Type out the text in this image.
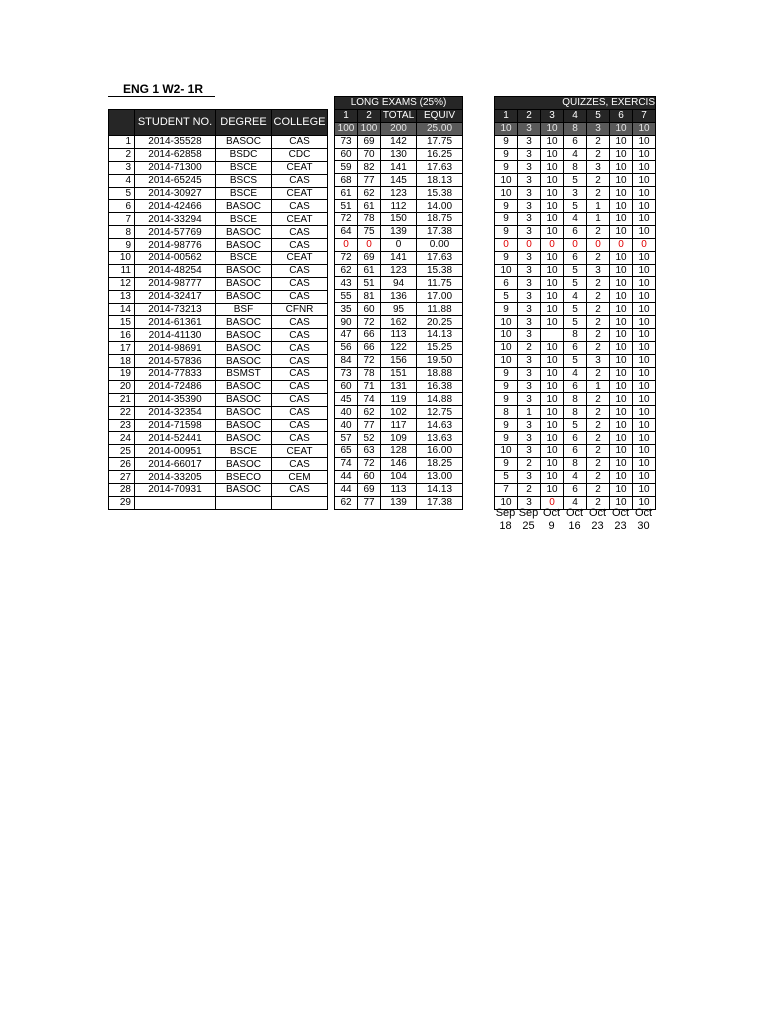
ENG 1 W2- 1R
	STUDENT NO.	DEGREE	COLLEGE

1	2014-35528	BASOC	CAS
2	2014-62858	BSDC	CDC
3	2014-71300	BSCE	CEAT
4	2014-65245	BSCS	CAS
5	2014-30927	BSCE	CEAT
6	2014-42466	BASOC	CAS
7	2014-33294	BSCE	CEAT
8	2014-57769	BASOC	CAS
9	2014-98776	BASOC	CAS
10	2014-00562	BSCE	CEAT
11	2014-48254	BASOC	CAS
12	2014-98777	BASOC	CAS
13	2014-32417	BASOC	CAS
14	2014-73213	BSF	CFNR
15	2014-61361	BASOC	CAS
16	2014-41130	BASOC	CAS
17	2014-98691	BASOC	CAS
18	2014-57836	BASOC	CAS
19	2014-77833	BSMST	CAS
20	2014-72486	BASOC	CAS
21	2014-35390	BASOC	CAS
22	2014-32354	BASOC	CAS
23	2014-71598	BASOC	CAS
24	2014-52441	BASOC	CAS
25	2014-00951	BSCE	CEAT
26	2014-66017	BASOC	CAS
27	2014-33205	BSECO	CEM
28	2014-70931	BASOC	CAS
29			
LONG EXAMS (25%)			
1	2	TOTAL	EQUIV
100	100	200	25.00
73	69	142	17.75
60	70	130	16.25
59	82	141	17.63
68	77	145	18.13
61	62	123	15.38
51	61	112	14.00
72	78	150	18.75
64	75	139	17.38
0	0	0	0.00
72	69	141	17.63
62	61	123	15.38
43	51	94	11.75
55	81	136	17.00
35	60	95	11.88
90	72	162	20.25
47	66	113	14.13
56	66	122	15.25
84	72	156	19.50
73	78	151	18.88
60	71	131	16.38
45	74	119	14.88
40	62	102	12.75
40	77	117	14.63
57	52	109	13.63
65	63	128	16.00
74	72	146	18.25
44	60	104	13.00
44	69	113	14.13
62	77	139	17.38
QUIZZES, EXERCIS						
1	2	3	4	5	6	7
10	3	10	8	3	10	10
9	3	10	6	2	10	10
9	3	10	4	2	10	10
9	3	10	8	3	10	10
10	3	10	5	2	10	10
10	3	10	3	2	10	10
9	3	10	5	1	10	10
9	3	10	4	1	10	10
9	3	10	6	2	10	10
0	0	0	0	0	0	0
9	3	10	6	2	10	10
10	3	10	5	3	10	10
6	3	10	5	2	10	10
5	3	10	4	2	10	10
9	3	10	5	2	10	10
10	3	10	5	2	10	10
10	3		8	2	10	10
10	2	10	6	2	10	10
10	3	10	5	3	10	10
9	3	10	4	2	10	10
9	3	10	6	1	10	10
9	3	10	8	2	10	10
8	1	10	8	2	10	10
9	3	10	5	2	10	10
9	3	10	6	2	10	10
10	3	10	6	2	10	10
9	2	10	8	2	10	10
5	3	10	4	2	10	10
7	2	10	6	2	10	10
10	3	0	4	2	10	10
Sep
18
Sep
25
Oct
9
Oct
16
Oct
23
Oct
23
Oct
30
